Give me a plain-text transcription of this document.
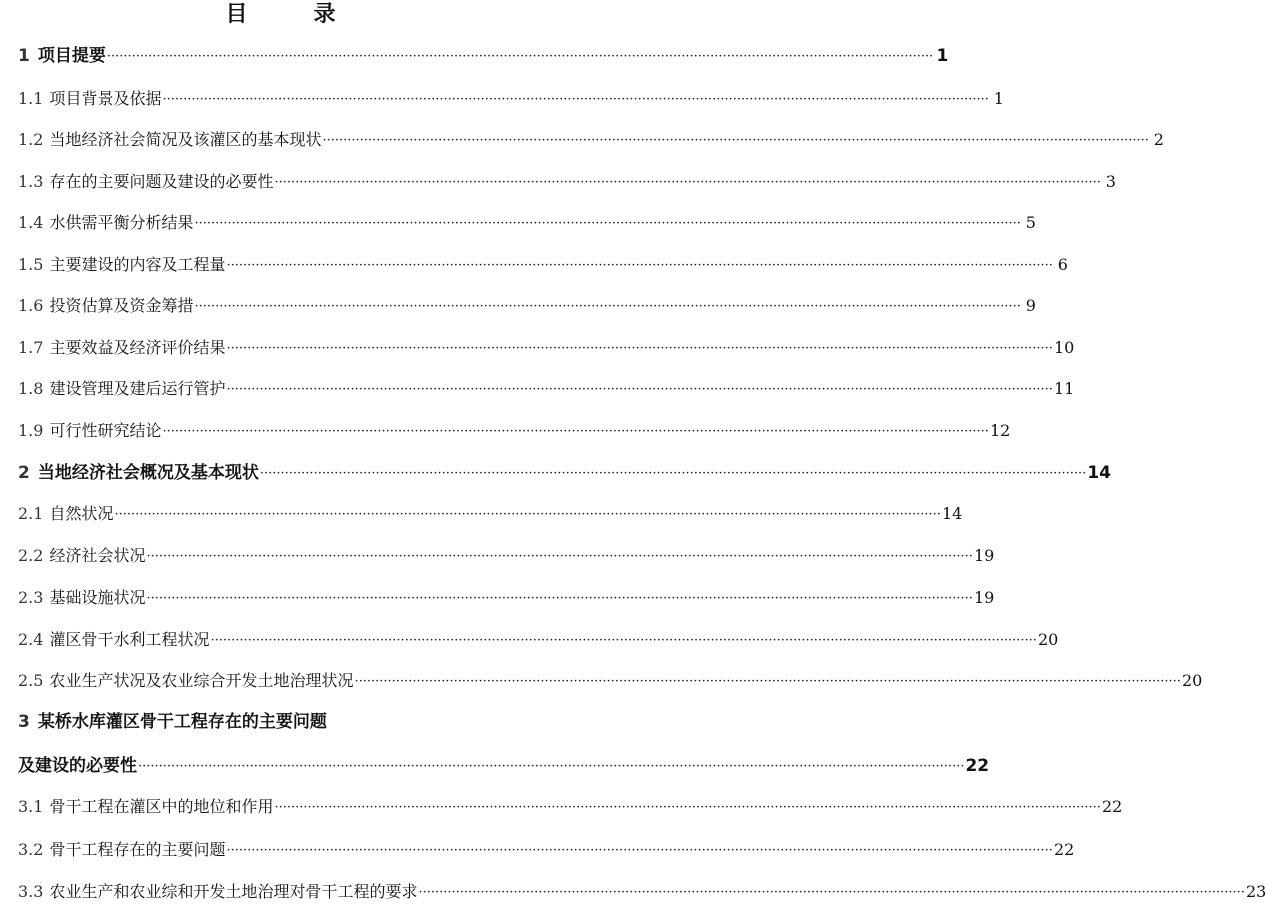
目　录
1 项目提要 ········································································································································································································ 1
1.1 项目背景及依据 ········································································································································································································ 1
1.2 当地经济社会简况及该灌区的基本现状 ········································································································································································································ 2
1.3 存在的主要问题及建设的必要性 ········································································································································································································ 3
1.4 水供需平衡分析结果 ········································································································································································································ 5
1.5 主要建设的内容及工程量 ········································································································································································································ 6
1.6 投资估算及资金筹措 ········································································································································································································ 9
1.7 主要效益及经济评价结果 ········································································································································································································ 10
1.8 建设管理及建后运行管护 ········································································································································································································ 11
1.9 可行性研究结论 ········································································································································································································ 12
2 当地经济社会概况及基本现状 ········································································································································································································ 14
2.1 自然状况 ········································································································································································································ 14
2.2 经济社会状况 ········································································································································································································ 19
2.3 基础设施状况 ········································································································································································································ 19
2.4 灌区骨干水利工程状况 ········································································································································································································ 20
2.5 农业生产状况及农业综合开发土地治理状况 ········································································································································································································ 20
3 某桥水库灌区骨干工程存在的主要问题
及建设的必要性 ········································································································································································································ 22
3.1 骨干工程在灌区中的地位和作用 ········································································································································································································ 22
3.2 骨干工程存在的主要问题 ········································································································································································································ 22
3.3 农业生产和农业综和开发土地治理对骨干工程的要求 ········································································································································································································ 23
